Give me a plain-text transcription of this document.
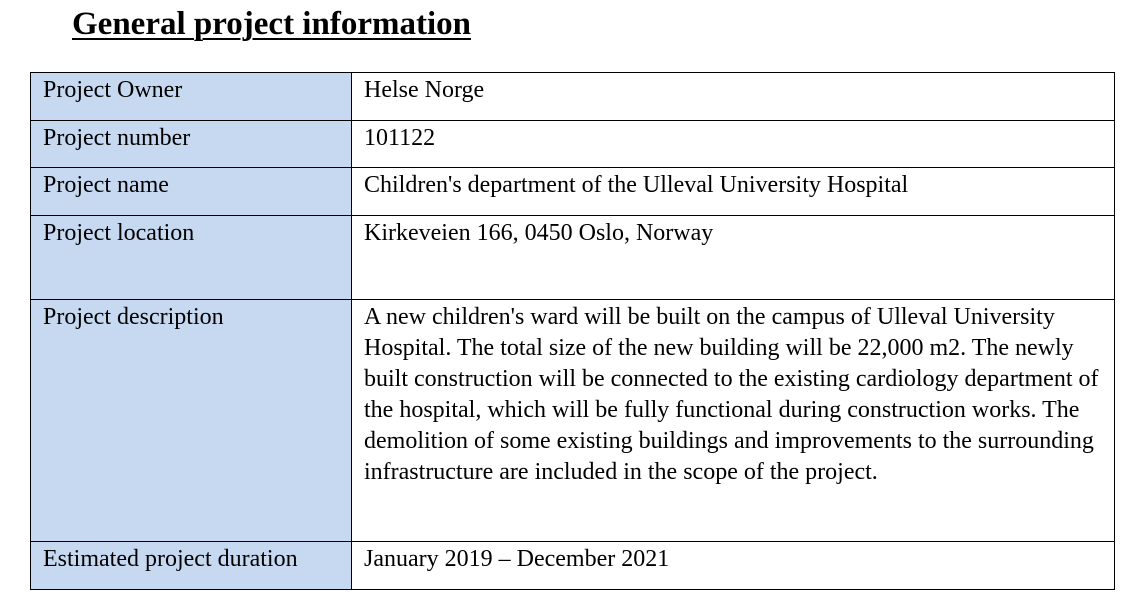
General project information
Project Owner	Helse Norge
Project number	101122
Project name	Children's department of the Ulleval University Hospital
Project location	Kirkeveien 166, 0450 Oslo, Norway
Project description	A new children's ward will be built on the campus of Ulleval University Hospital. The total size of the new building will be 22,000 m2. The newly built construction will be connected to the existing cardiology department of the hospital, which will be fully functional during construction works. The demolition of some existing buildings and improvements to the surrounding infrastructure are included in the scope of the project.
Estimated project duration	January 2019 – December 2021
